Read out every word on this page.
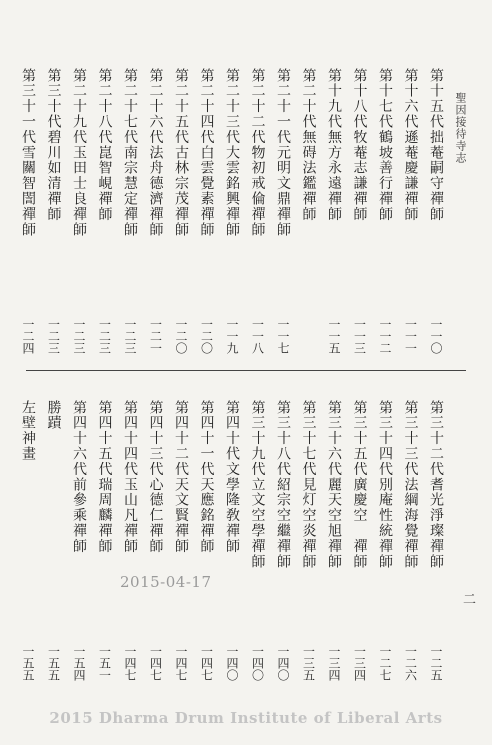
聖因接待寺志
第十五代拙菴嗣守禪師
一一〇
第十六代遜菴慶謙禪師
一一一
第十七代鶴坡善行禪師
一一二
第十八代牧菴志謙禪師
一一三
第十九代無方永遠禪師
一一五
第二十代無碍法鑑禪師
第二十一代元明文鼎禪師
一一七
第二十二代物初戒倫禪師
一一八
第二十三代大雲銘興禪師
一一九
第二十四代白雲覺素禪師
一二〇
第二十五代古林宗茂禪師
一二〇
第二十六代法舟德濟禪師
一二一
第二十七代南宗慧定禪師
一二三
第二十八代崑智峴禪師
一二三
第二十九代玉田士良禪師
一二三
第三十代碧川如清禪師
一二三
第三十一代雪關智誾禪師
一二四
第三十二代耆光淨璨禪師
一二五
第三十三代法綱海覺禪師
一二六
第三十四代別庵性統禪師
一二七
第三十五代廣慶空　禪師
一三四
第三十六代麗天空旭禪師
一三四
第三十七代見灯空炎禪師
一三五
第三十八代紹宗空繼禪師
一四〇
第三十九代立文空學禪師
一四〇
第四十代文學隆敎禪師
一四〇
第四十一代天應銘禪師
一四七
第四十二代天文賢禪師
一四七
第四十三代心德仁禪師
一四七
第四十四代玉山凡禪師
一四七
第四十五代瑞周麟禪師
一五一
第四十六代前參乘禪師
一五四
勝蹟
一五五
左壁神畫
一五五
二
2015-04-17
2015 Dharma Drum Institute of Liberal Arts
